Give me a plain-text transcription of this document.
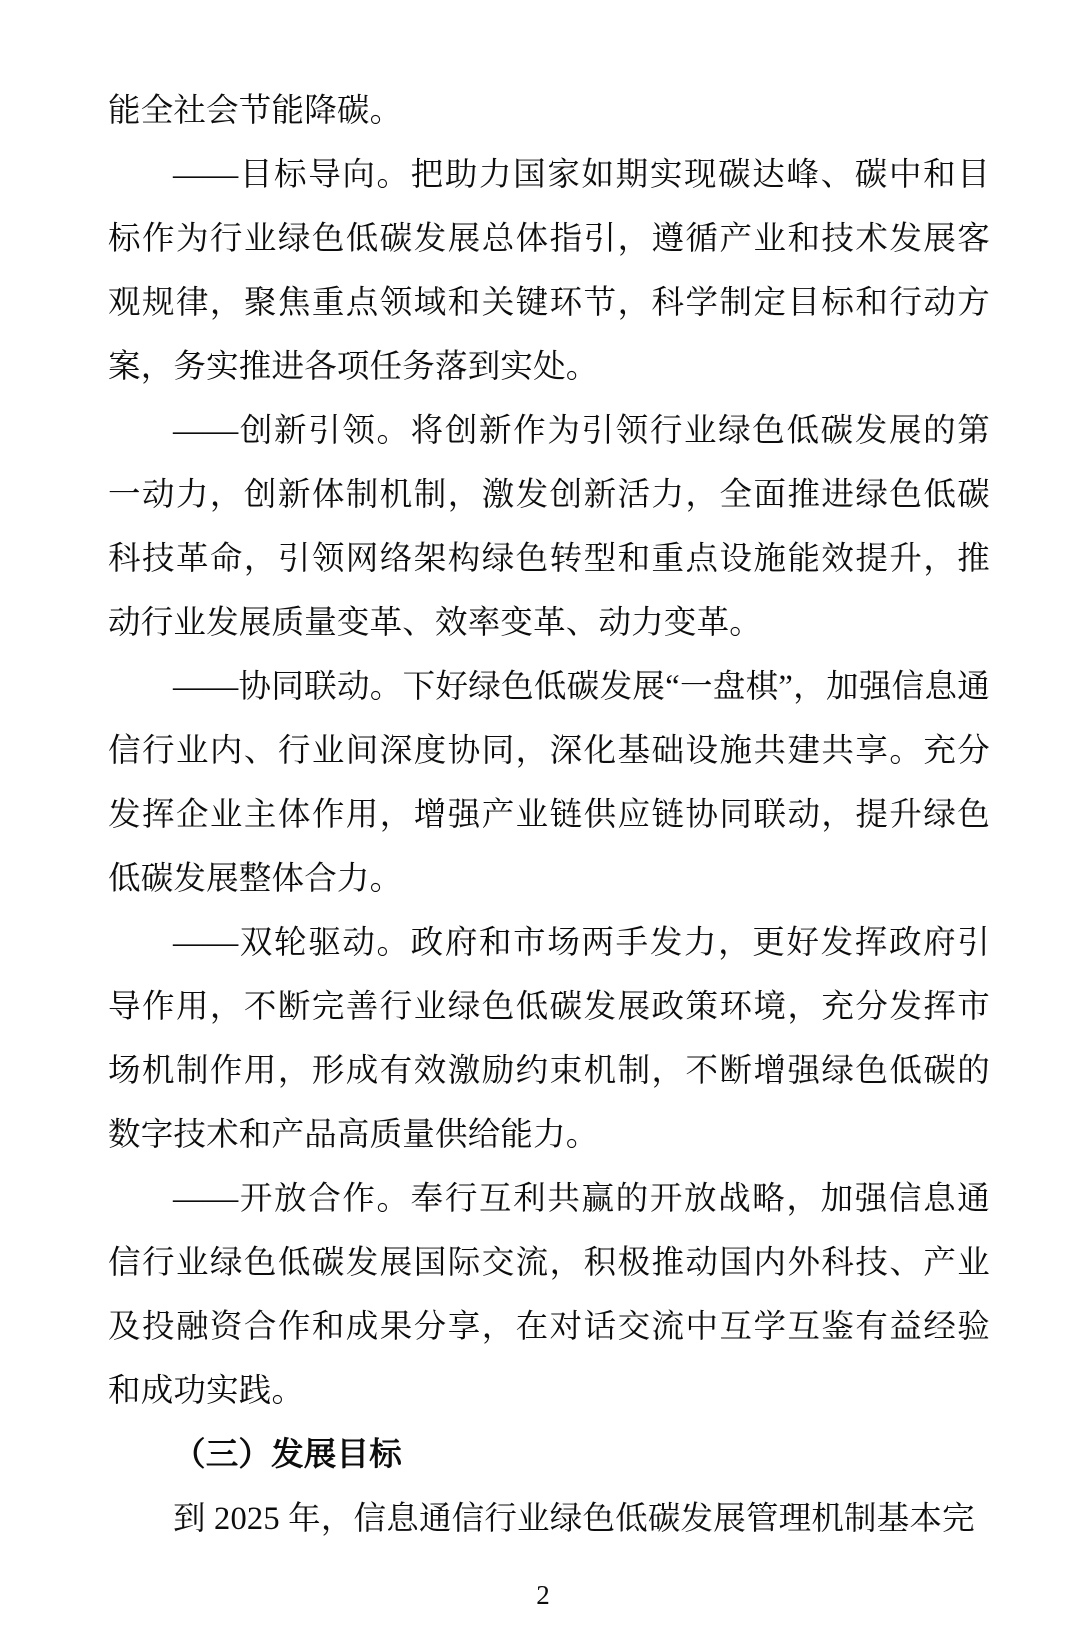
能全社会节能降碳。

——目标导向。把助力国家如期实现碳达峰、碳中和目标作为行业绿色低碳发展总体指引，遵循产业和技术发展客观规律，聚焦重点领域和关键环节，科学制定目标和行动方案，务实推进各项任务落到实处。

——创新引领。将创新作为引领行业绿色低碳发展的第一动力，创新体制机制，激发创新活力，全面推进绿色低碳科技革命，引领网络架构绿色转型和重点设施能效提升，推动行业发展质量变革、效率变革、动力变革。

——协同联动。下好绿色低碳发展“一盘棋”，加强信息通信行业内、行业间深度协同，深化基础设施共建共享。充分发挥企业主体作用，增强产业链供应链协同联动，提升绿色低碳发展整体合力。

——双轮驱动。政府和市场两手发力，更好发挥政府引导作用，不断完善行业绿色低碳发展政策环境，充分发挥市场机制作用，形成有效激励约束机制，不断增强绿色低碳的数字技术和产品高质量供给能力。

——开放合作。奉行互利共赢的开放战略，加强信息通信行业绿色低碳发展国际交流，积极推动国内外科技、产业及投融资合作和成果分享，在对话交流中互学互鉴有益经验和成功实践。

（三）发展目标

到 2025 年，信息通信行业绿色低碳发展管理机制基本完

2
